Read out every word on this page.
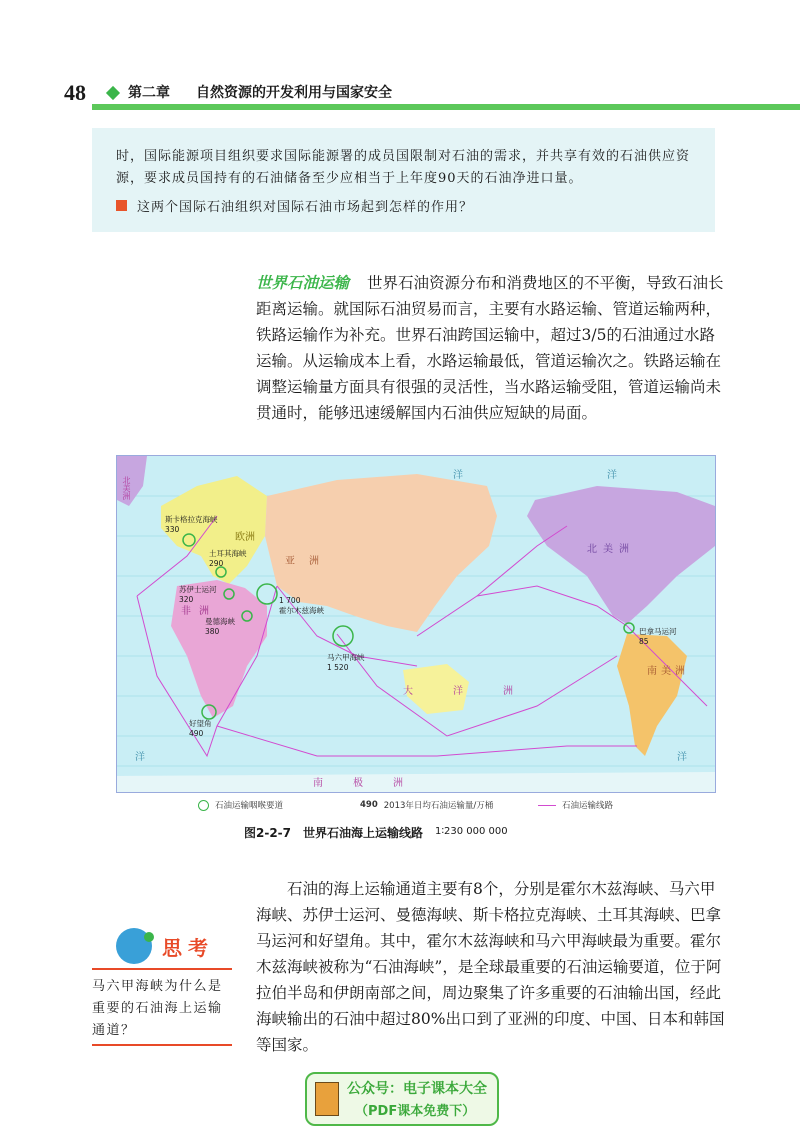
48	第二章 自然资源的开发利用与国家安全
时，国际能源项目组织要求国际能源署的成员国限制对石油的需求，并共享有效的石油供应资源，要求成员国持有的石油储备至少应相当于上年度90天的石油净进口量。
这两个国际石油组织对国际石油市场起到怎样的作用？
世界石油运输 世界石油资源分布和消费地区的不平衡，导致石油长距离运输。就国际石油贸易而言，主要有水路运输、管道运输两种，铁路运输作为补充。世界石油跨国运输中，超过3/5的石油通过水路运输。从运输成本上看，水路运输最低，管道运输次之。铁路运输在调整运输量方面具有很强的灵活性，当水路运输受阻，管道运输尚未贯通时，能够迅速缓解国内石油供应短缺的局面。
北美洲
欧洲
亚洲
非洲
北美洲
南美洲
大洋洲
南极洲
洋	洋
洋	洋
斯卡格拉克海峡
330
土耳其海峡
290
苏伊士运河
320	1 700
霍尔木兹海峡
曼德海峡
380
马六甲海峡
1 520
巴拿马运河
85
好望角
490
石油运输咽喉要道	490 2013年日均石油运输量/万桶	石油运输线路
图2-2-7　世界石油海上运输线路 1∶230 000 000
石油的海上运输通道主要有8个，分别是霍尔木兹海峡、马六甲海峡、苏伊士运河、曼德海峡、斯卡格拉克海峡、土耳其海峡、巴拿马运河和好望角。其中，霍尔木兹海峡和马六甲海峡最为重要。霍尔木兹海峡被称为“石油海峡”，是全球最重要的石油运输要道，位于阿拉伯半岛和伊朗南部之间，周边聚集了许多重要的石油输出国，经此海峡输出的石油中超过80%出口到了亚洲的印度、中国、日本和韩国等国家。
思考
马六甲海峡为什么是重要的石油海上运输通道？
公众号：电子课本大全
（PDF课本免费下）
